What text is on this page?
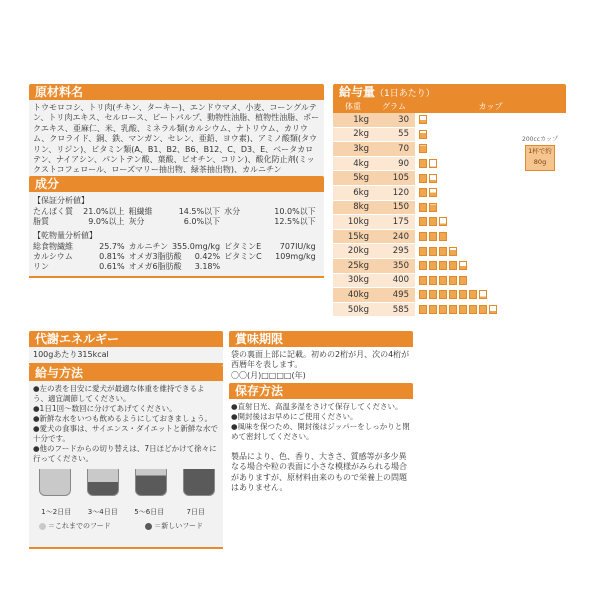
原材料名
トウモロコシ、トリ肉(チキン、ターキー)、エンドウマメ、小麦、コーングルテン、トリ肉エキス、セルロース、ビートパルプ、動物性油脂、植物性油脂、ポークエキス、亜麻仁、米、乳酸、ミネラル類(カルシウム、ナトリウム、カリウム、クロライド、銅、鉄、マンガン、セレン、亜鉛、ヨウ素)、アミノ酸類(タウリン、リジン)、ビタミン類(A、B1、B2、B6、B12、C、D3、E、ベータカロテン、ナイアシン、パントテン酸、葉酸、ビオチン、コリン)、酸化防止剤(ミックストコフェロール、ローズマリー抽出物、緑茶抽出物)、カルニチン
成分
【保証分析値】
たんぱく質 21.0%以上 粗繊維	14.5%以下 水分	10.0%以下
脂質	9.0%以上 灰分	6.0%以下	12.5%以下
【乾物量分析値】
総食物繊維	25.7% カルニチン 355.0mg/kg ビタミンE 707IU/kg
カルシウム	0.81% オメガ3脂肪酸 0.42% ビタミンC 109mg/kg
リン	0.61% オメガ6脂肪酸 3.18%
給与量（1日あたり）
体重	グラム	カップ
1kg	30
2kg	55
3kg	70
4kg	90
5kg	105
6kg	120
8kg	150
10kg	175
15kg	240
20kg	295
25kg	350
30kg	400
40kg	495
50kg	585
200ccカップ
1杯で約80g
代謝エネルギー
100gあたり315kcal
給与方法
●左の表を目安に愛犬が最適な体重を維持できるよう、適宜調節してください。
●1日1回〜数回に分けてあげてください。
●新鮮な水をいつも飲めるようにしておきましょう。
●愛犬の食事は、サイエンス・ダイエットと新鮮な水で十分です。
●他のフードからの切り替えは、7日ほどかけて徐々に行ってください。
1〜2日目	3〜4日目	5〜6日目	7日目
＝これまでのフード	＝新しいフード
賞味期限
袋の裏面上部に記載。初めの2桁が月、次の4桁が西暦年を表します。
〇〇(月)□□□□(年)
保存方法
●直射日光、高温多湿をさけて保存してください。
●開封後はお早めにご使用ください。
●風味を保つため、開封後はジッパーをしっかりと閉めて密封してください。
製品により、色、香り、大きさ、質感等が多少異なる場合や粒の表面に小さな模様がみられる場合がありますが、原材料由来のもので栄養上の問題はありません。
